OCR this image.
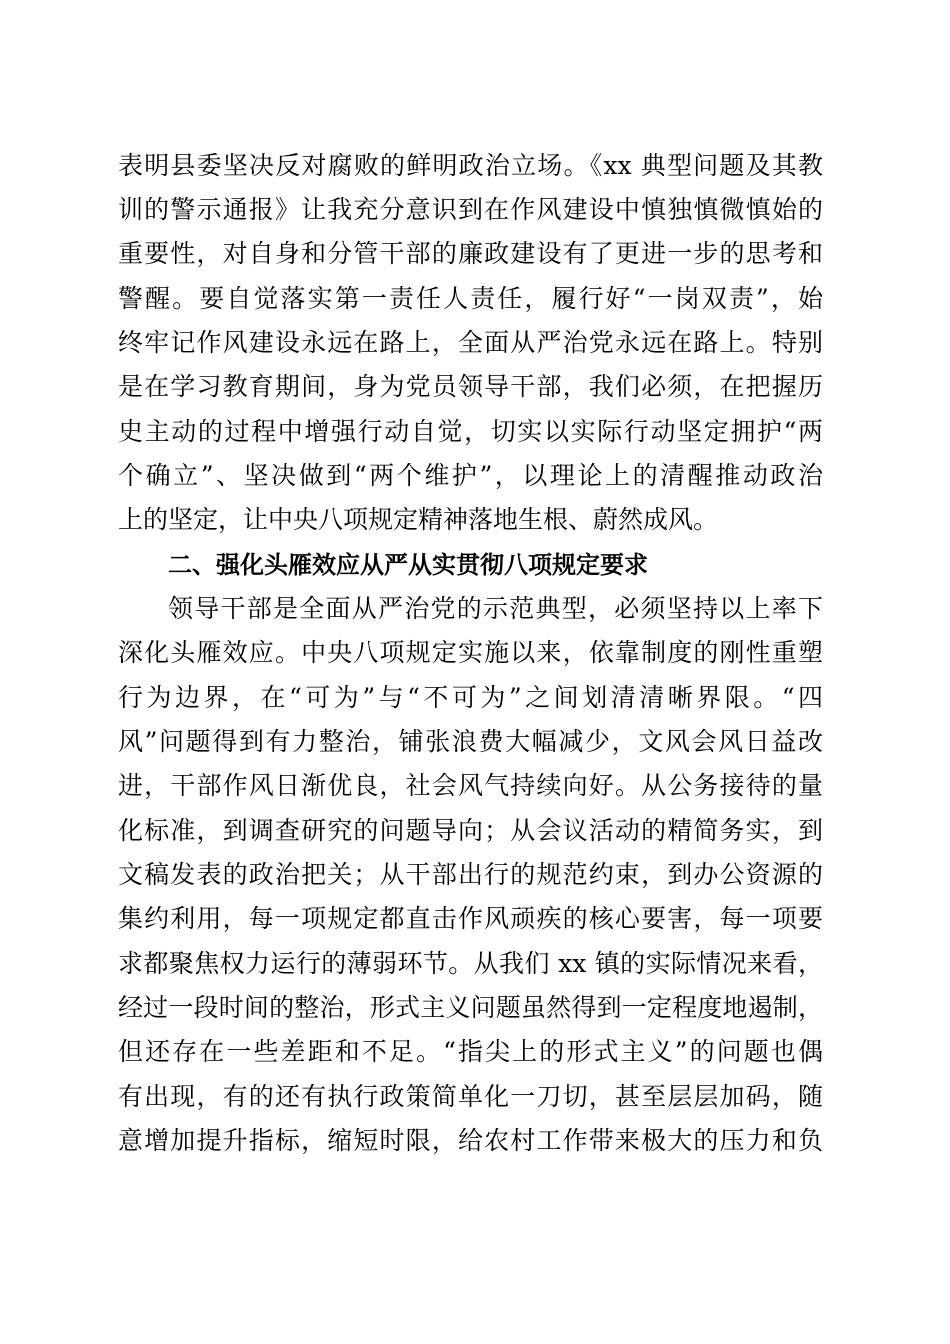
表明县委坚决反对腐败的鲜明政治立场。《xx 典型问题及其教
训的警示通报》让我充分意识到在作风建设中慎独慎微慎始的
重要性，对自身和分管干部的廉政建设有了更进一步的思考和
警醒。要自觉落实第一责任人责任，履行好“一岗双责”，始
终牢记作风建设永远在路上，全面从严治党永远在路上。特别
是在学习教育期间，身为党员领导干部，我们必须，在把握历
史主动的过程中增强行动自觉，切实以实际行动坚定拥护“两
个确立”、坚决做到“两个维护”，以理论上的清醒推动政治
上的坚定，让中央八项规定精神落地生根、蔚然成风。
二、强化头雁效应从严从实贯彻八项规定要求
领导干部是全面从严治党的示范典型，必须坚持以上率下
深化头雁效应。中央八项规定实施以来，依靠制度的刚性重塑
行为边界，在“可为”与“不可为”之间划清清晰界限。“四
风”问题得到有力整治，铺张浪费大幅减少，文风会风日益改
进，干部作风日渐优良，社会风气持续向好。从公务接待的量
化标准，到调查研究的问题导向；从会议活动的精简务实，到
文稿发表的政治把关；从干部出行的规范约束，到办公资源的
集约利用，每一项规定都直击作风顽疾的核心要害，每一项要
求都聚焦权力运行的薄弱环节。从我们 xx 镇的实际情况来看，
经过一段时间的整治，形式主义问题虽然得到一定程度地遏制，
但还存在一些差距和不足。“指尖上的形式主义”的问题也偶
有出现，有的还有执行政策简单化一刀切，甚至层层加码，随
意增加提升指标，缩短时限，给农村工作带来极大的压力和负
